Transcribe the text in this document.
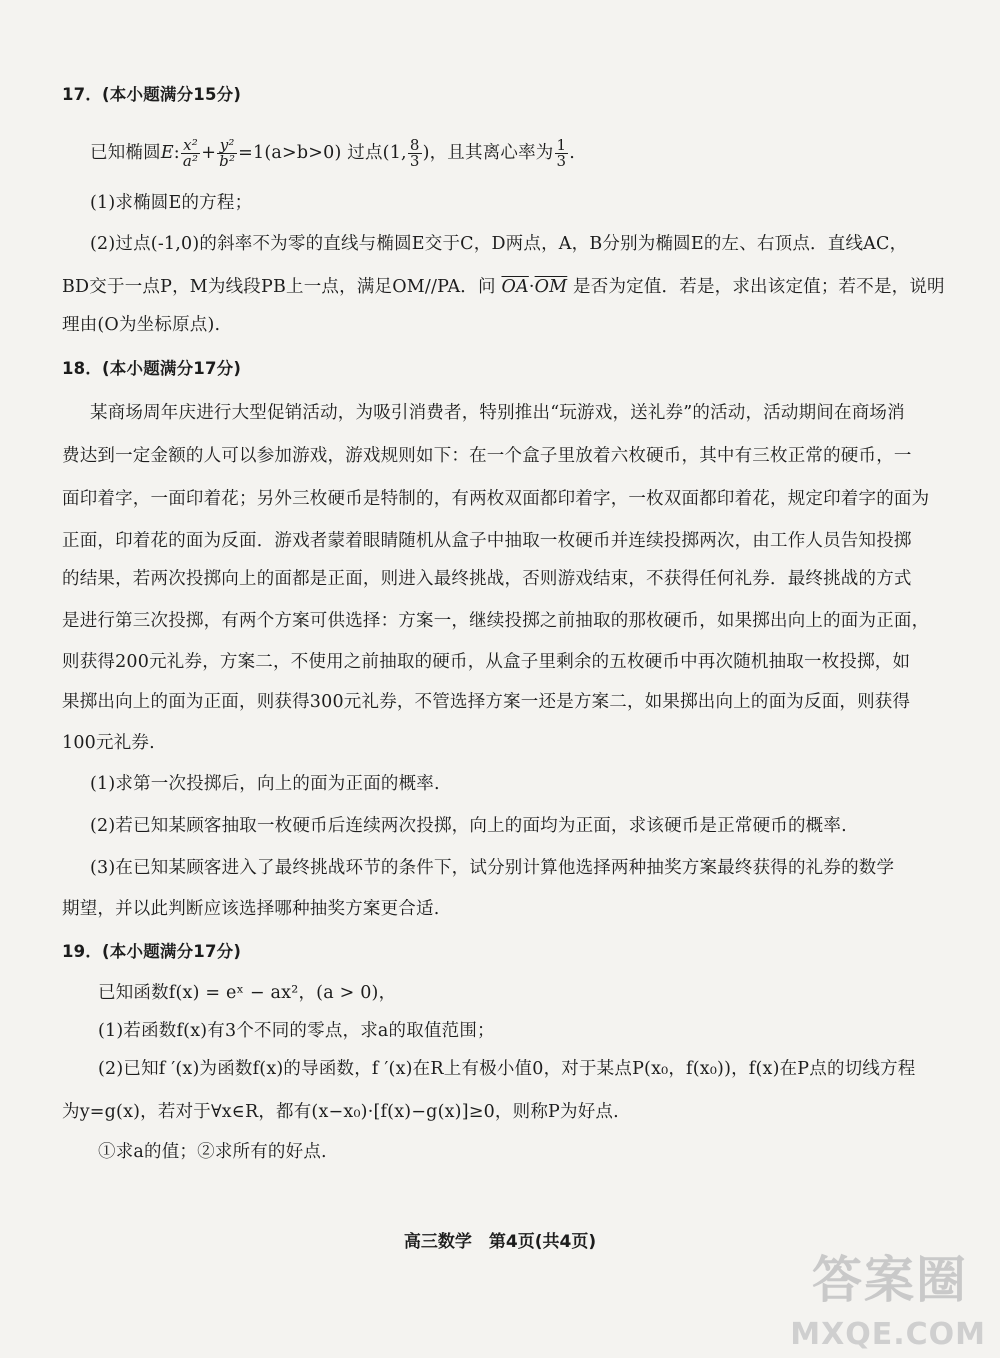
17．(本小题满分15分)
已知椭圆E: $\frac{\text{x²}}{\text{a²}} + \frac{\text{y²}}{\text{b²}} =1(a>b>0)$ 过点(1, $\frac{8}{3}$ )，且其离心率为 $\frac{1}{3}$ .
(1)求椭圆E的方程；
(2)过点(-1,0)的斜率不为零的直线与椭圆E交于C，D两点，A，B分别为椭圆E的左、右顶点．直线AC，
BD交于一点P，M为线段PB上一点，满足OM//PA．问 $\overline{OA}\cdot\overline{OM}$ 是否为定值．若是，求出该定值；若不是，说明
理由(O为坐标原点).
18．(本小题满分17分)
某商场周年庆进行大型促销活动，为吸引消费者，特别推出“玩游戏，送礼券”的活动，活动期间在商场消
费达到一定金额的人可以参加游戏，游戏规则如下：在一个盒子里放着六枚硬币，其中有三枚正常的硬币，一
面印着字，一面印着花；另外三枚硬币是特制的，有两枚双面都印着字，一枚双面都印着花，规定印着字的面为
正面，印着花的面为反面．游戏者蒙着眼睛随机从盒子中抽取一枚硬币并连续投掷两次，由工作人员告知投掷
的结果，若两次投掷向上的面都是正面，则进入最终挑战，否则游戏结束，不获得任何礼券．最终挑战的方式
是进行第三次投掷，有两个方案可供选择：方案一，继续投掷之前抽取的那枚硬币，如果掷出向上的面为正面，
则获得200元礼券，方案二，不使用之前抽取的硬币，从盒子里剩余的五枚硬币中再次随机抽取一枚投掷，如
果掷出向上的面为正面，则获得300元礼券，不管选择方案一还是方案二，如果掷出向上的面为反面，则获得
100元礼券.
(1)求第一次投掷后，向上的面为正面的概率.
(2)若已知某顾客抽取一枚硬币后连续两次投掷，向上的面均为正面，求该硬币是正常硬币的概率.
(3)在已知某顾客进入了最终挑战环节的条件下，试分别计算他选择两种抽奖方案最终获得的礼券的数学
期望，并以此判断应该选择哪种抽奖方案更合适.
19．(本小题满分17分)
已知函数f(x) = eˣ − ax²，(a > 0)，
(1)若函数f(x)有3个不同的零点，求a的取值范围；
(2)已知f ′(x)为函数f(x)的导函数，f ′(x)在R上有极小值0，对于某点P(x₀，f(x₀))，f(x)在P点的切线方程
为y=g(x)，若对于∀x∈R，都有(x−x₀)·[f(x)−g(x)]≥0，则称P为好点.
①求a的值；②求所有的好点.
高三数学　第4页(共4页)
答案圈
MXQE.COM
